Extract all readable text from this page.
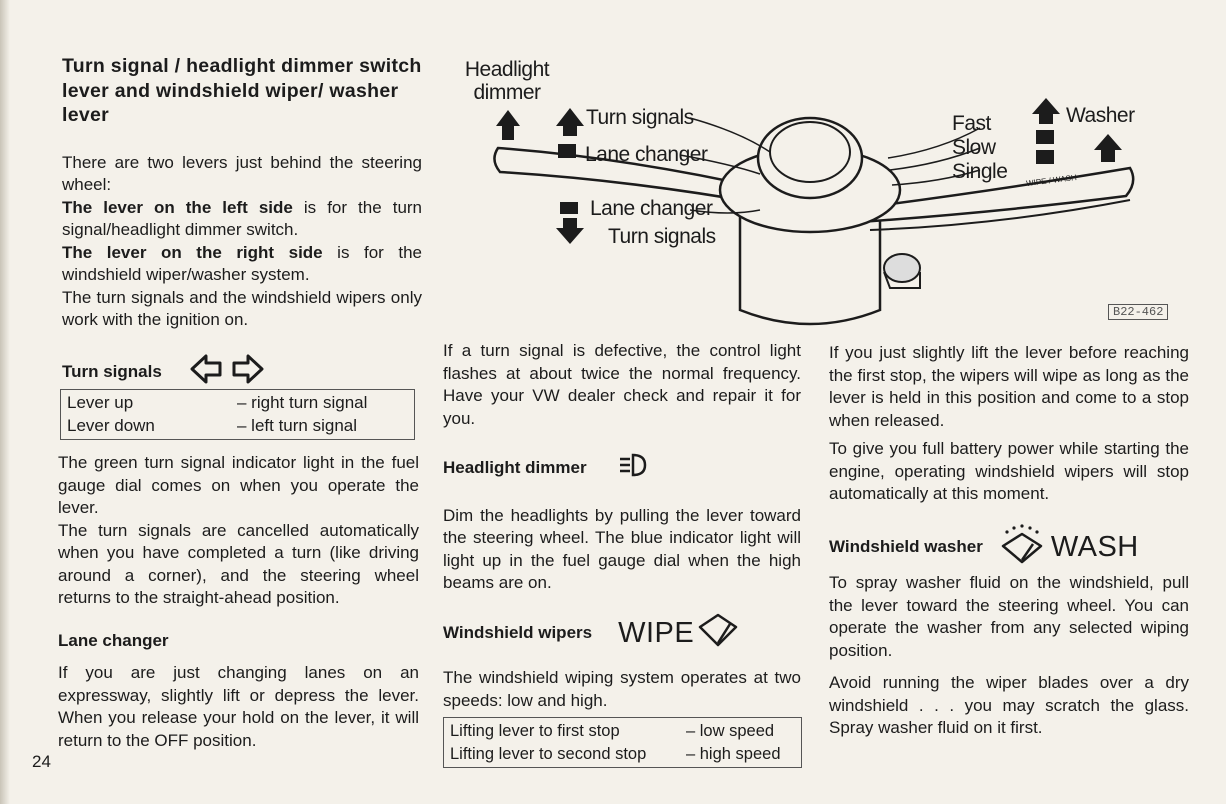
Turn signal / headlight dimmer switch lever and windshield wiper/ washer lever

There are two levers just behind the steering wheel:

The lever on the left side is for the turn signal/headlight dimmer switch.

The lever on the right side is for the windshield wiper/washer system.

The turn signals and the windshield wipers only work with the ignition on.

Turn signals
Lever up	– right turn signal
Lever down	– left turn signal

The green turn signal indicator light in the fuel gauge dial comes on when you operate the lever.

The turn signals are cancelled automatically when you have completed a turn (like driving around a corner), and the steering wheel returns to the straight-ahead position.

Lane changer

If you are just changing lanes on an expressway, slightly lift or depress the lever. When you release your hold on the lever, it will return to the OFF position.

24
Headlight dimmer
Turn signals
Lane changer
Lane changer
Turn signals
Fast
Slow
Single
Washer
WIPE / WASH
B22-462

If a turn signal is defective, the control light flashes at about twice the normal frequency. Have your VW dealer check and repair it for you.

Headlight dimmer

Dim the headlights by pulling the lever toward the steering wheel. The blue indicator light will light up in the fuel gauge dial when the high beams are on.

Windshield wipers WIPE

The windshield wiping system operates at two speeds: low and high.

Lifting lever to first stop	– low speed
Lifting lever to second stop	– high speed

If you just slightly lift the lever before reaching the first stop, the wipers will wipe as long as the lever is held in this position and come to a stop when released.

To give you full battery power while starting the engine, operating windshield wipers will stop automatically at this moment.

Windshield washer WASH

To spray washer fluid on the windshield, pull the lever toward the steering wheel. You can operate the washer from any selected wiping position.

Avoid running the wiper blades over a dry windshield . . . you may scratch the glass. Spray washer fluid on it first.
